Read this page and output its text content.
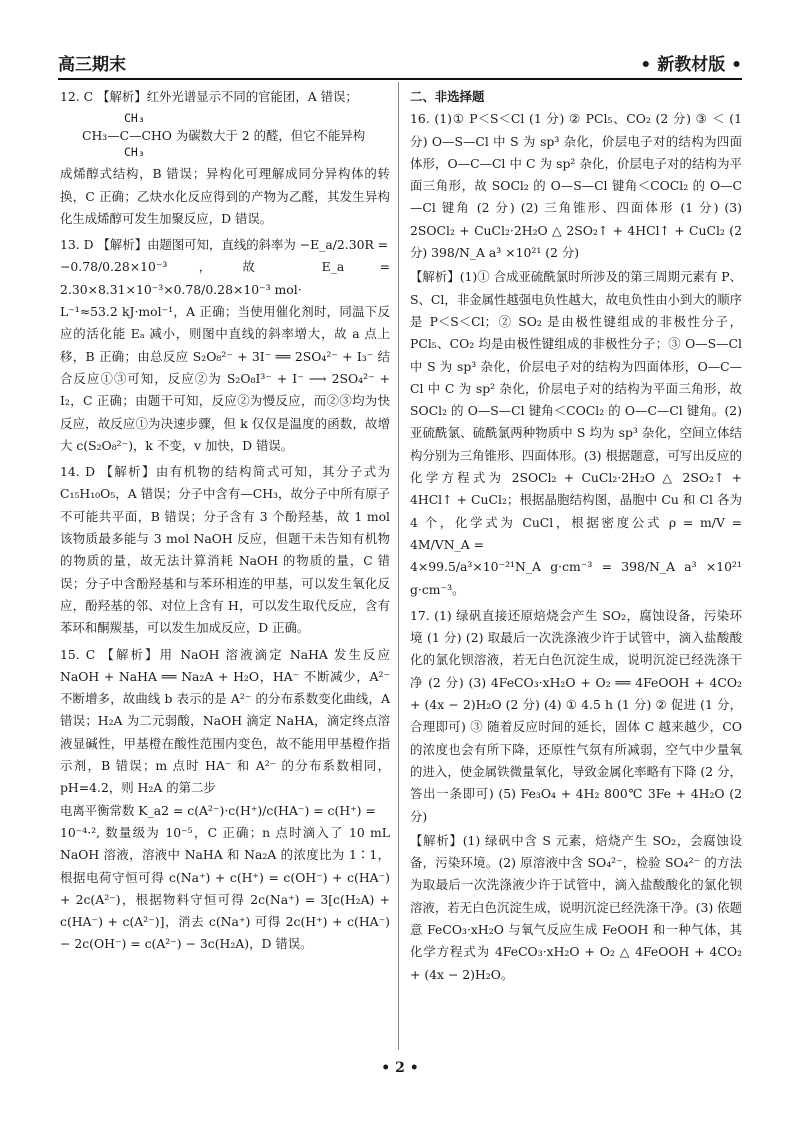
高三期末	• 新教材版 •

12. C 【解析】红外光谱显示不同的官能团，A 错误；

CH₃
CH₃—C—CHO 为碳数大于 2 的醛，但它不能异构
CH₃

成烯醇式结构，B 错误；异构化可理解成同分异构体的转换，C 正确；乙炔水化反应得到的产物为乙醛，其发生异构化生成烯醇可发生加聚反应，D 错误。

13. D 【解析】由题图可知，直线的斜率为 −E_a/2.30R =

−0.78/0.28×10⁻³，故 E_a = 2.30×8.31×10⁻³×0.78/0.28×10⁻³ mol·

L⁻¹≈53.2 kJ·mol⁻¹，A 正确；当使用催化剂时，同温下反应的活化能 Eₐ 减小，则图中直线的斜率增大，故 a 点上移，B 正确；由总反应 S₂O₈²⁻ + 3I⁻ ══ 2SO₄²⁻ + I₃⁻ 结合反应①③可知，反应②为 S₂O₈I³⁻ + I⁻ ⟶ 2SO₄²⁻ + I₂，C 正确；由题干可知，反应②为慢反应，而②③均为快反应，故反应①为决速步骤，但 k 仅仅是温度的函数，故增大 c(S₂O₈²⁻)，k 不变，v 加快，D 错误。

14. D 【解析】由有机物的结构简式可知，其分子式为 C₁₅H₁₀O₅，A 错误；分子中含有—CH₃，故分子中所有原子不可能共平面，B 错误；分子含有 3 个酚羟基，故 1 mol 该物质最多能与 3 mol NaOH 反应，但题干未告知有机物的物质的量，故无法计算消耗 NaOH 的物质的量，C 错误；分子中含酚羟基和与苯环相连的甲基，可以发生氧化反应，酚羟基的邻、对位上含有 H，可以发生取代反应，含有苯环和酮羰基，可以发生加成反应，D 正确。

15. C 【解析】用 NaOH 溶液滴定 NaHA 发生反应 NaOH + NaHA ══ Na₂A + H₂O，HA⁻ 不断减少，A²⁻ 不断增多，故曲线 b 表示的是 A²⁻ 的分布系数变化曲线，A 错误；H₂A 为二元弱酸，NaOH 滴定 NaHA，滴定终点溶液显碱性，甲基橙在酸性范围内变色，故不能用甲基橙作指示剂，B 错误；m 点时 HA⁻ 和 A²⁻ 的分布系数相同，pH=4.2，则 H₂A 的第二步

电离平衡常数 K_a2 = c(A²⁻)·c(H⁺)/c(HA⁻) = c(H⁺) =

10⁻⁴·², 数量级为 10⁻⁵，C 正确；n 点时滴入了 10 mL NaOH 溶液，溶液中 NaHA 和 Na₂A 的浓度比为 1∶1，根据电荷守恒可得 c(Na⁺) + c(H⁺) = c(OH⁻) + c(HA⁻) + 2c(A²⁻)，根据物料守恒可得 2c(Na⁺) = 3[c(H₂A) + c(HA⁻) + c(A²⁻)]，消去 c(Na⁺) 可得 2c(H⁺) + c(HA⁻) − 2c(OH⁻) = c(A²⁻) − 3c(H₂A)，D 错误。

二、非选择题

16. (1)① P＜S＜Cl (1 分) ② PCl₅、CO₂ (2 分) ③ ＜ (1 分) O—S—Cl 中 S 为 sp³ 杂化，价层电子对的结构为四面体形，O—C—Cl 中 C 为 sp² 杂化，价层电子对的结构为平面三角形，故 SOCl₂ 的 O—S—Cl 键角＜COCl₂ 的 O—C—Cl 键角 (2 分) (2) 三角锥形、四面体形 (1 分) (3) 2SOCl₂ + CuCl₂·2H₂O △ 2SO₂↑ + 4HCl↑ + CuCl₂ (2 分) 398/N_A a³ ×10²¹ (2 分)

【解析】(1)① 合成亚硫酰氯时所涉及的第三周期元素有 P、S、Cl，非金属性越强电负性越大，故电负性由小到大的顺序是 P＜S＜Cl；② SO₂ 是由极性键组成的非极性分子，PCl₅、CO₂ 均是由极性键组成的非极性分子；③ O—S—Cl 中 S 为 sp³ 杂化，价层电子对的结构为四面体形，O—C—Cl 中 C 为 sp² 杂化，价层电子对的结构为平面三角形，故 SOCl₂ 的 O—S—Cl 键角＜COCl₂ 的 O—C—Cl 键角。(2) 亚硫酰氯、硫酰氯两种物质中 S 均为 sp³ 杂化，空间立体结构分别为三角锥形、四面体形。(3) 根据题意，可写出反应的化学方程式为 2SOCl₂ + CuCl₂·2H₂O △ 2SO₂↑ + 4HCl↑ + CuCl₂；根据晶胞结构图，晶胞中 Cu 和 Cl 各为 4 个，化学式为 CuCl，根据密度公式 ρ = m/V = 4M/VN_A =

4×99.5/a³×10⁻²¹N_A g·cm⁻³ = 398/N_A a³ ×10²¹ g·cm⁻³。

17. (1) 绿矾直接还原焙烧会产生 SO₂，腐蚀设备，污染环境 (1 分) (2) 取最后一次洗涤液少许于试管中，滴入盐酸酸化的氯化钡溶液，若无白色沉淀生成，说明沉淀已经洗涤干净 (2 分) (3) 4FeCO₃·xH₂O + O₂ ══ 4FeOOH + 4CO₂ + (4x − 2)H₂O (2 分) (4) ① 4.5 h (1 分) ② 促进 (1 分，合理即可) ③ 随着反应时间的延长，固体 C 越来越少，CO 的浓度也会有所下降，还原性气氛有所减弱，空气中少量氧的进入，使金属铁微量氧化，导致金属化率略有下降 (2 分，答出一条即可) (5) Fe₃O₄ + 4H₂ 800℃ 3Fe + 4H₂O (2 分)

【解析】(1) 绿矾中含 S 元素，焙烧产生 SO₂，会腐蚀设备，污染环境。(2) 原溶液中含 SO₄²⁻，检验 SO₄²⁻ 的方法为取最后一次洗涤液少许于试管中，滴入盐酸酸化的氯化钡溶液，若无白色沉淀生成，说明沉淀已经洗涤干净。(3) 依题意 FeCO₃·xH₂O 与氧气反应生成 FeOOH 和一种气体，其化学方程式为 4FeCO₃·xH₂O + O₂ △ 4FeOOH + 4CO₂ + (4x − 2)H₂O。

• 2 •
